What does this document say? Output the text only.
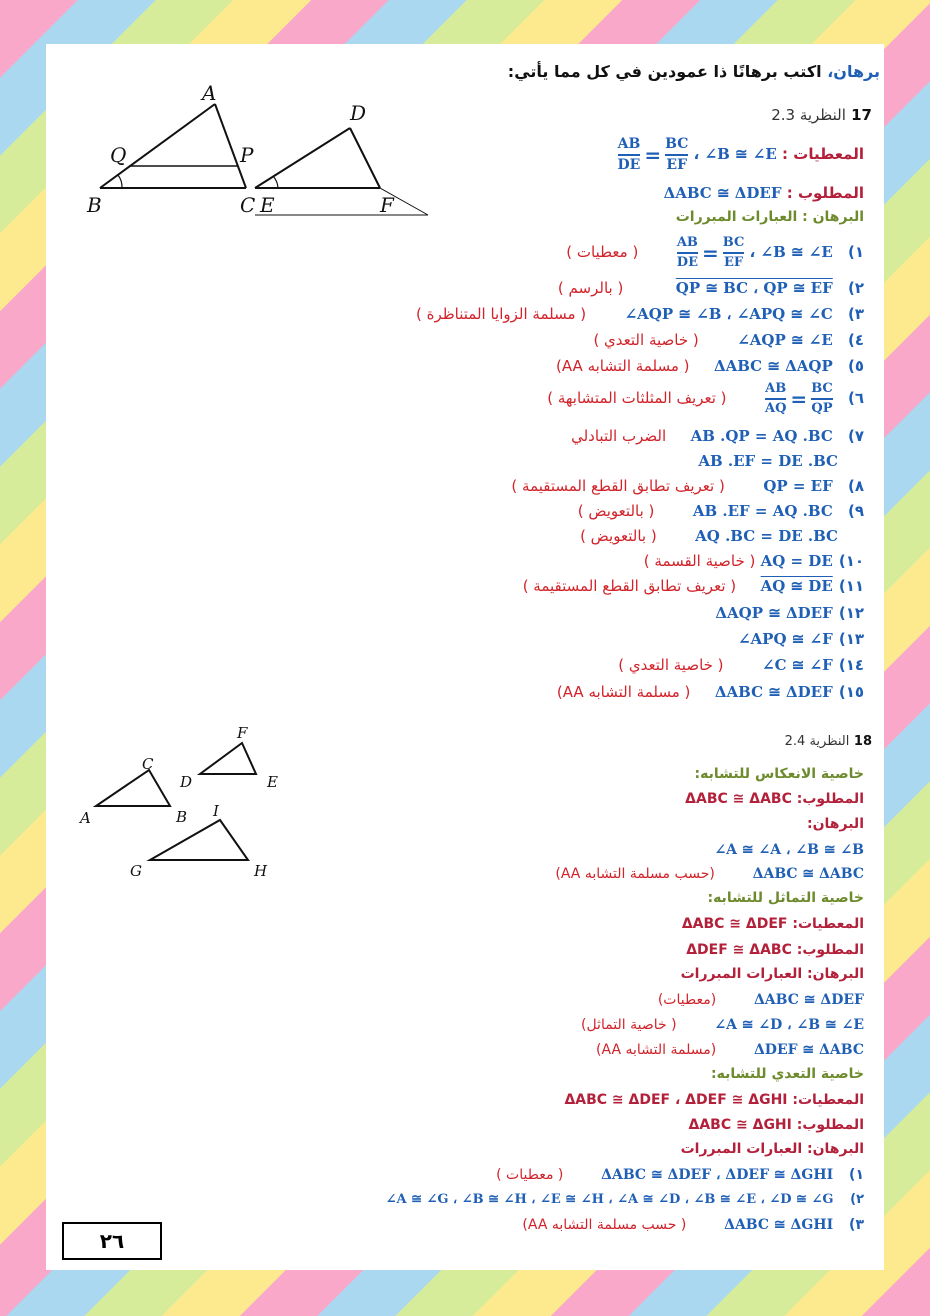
A
B	C
D
E	F
P
Q
C
A	B
F
D	E
I
G	H
برهان، اكتب برهانًا ذا عمودين في كل مما يأتي:
17 النظرية 2.3
المعطيات : ∠B ≅ ∠E ،
$\frac{AB}{DE} = \frac{BC}{EF}$
المطلوب : ΔABC ≅ ΔDEF
البرهان : العبارات المبررات
١) ∠B ≅ ∠E ،
$\frac{AB}{DE} = \frac{BC}{EF}$
( معطيات )
٢) QP ≅ BC ، QP ≅ EF  ( بالرسم )
٣) ∠AQP ≅ ∠B ، ∠APQ ≅ ∠C  ( مسلمة الزوايا المتناظرة )
٤) ∠AQP ≅ ∠E  ( خاصية التعدي )
٥) ΔABC ≅ ΔAQP  ( مسلمة التشابه AA)
٦)
$\frac{AB}{AQ} = \frac{BC}{QP}$
( تعريف المثلثات المتشابهة )
٧) AB .QP = AQ .BC  الضرب التبادلي
AB .EF = DE .BC
٨) QP = EF  ( تعريف تطابق القطع المستقيمة )
٩) AB .EF = AQ .BC  ( بالتعويض )
AQ .BC = DE .BC  ( بالتعويض )
١٠) AQ = DE ( خاصية القسمة )
١١) AQ ≅ DE  ( تعريف تطابق القطع المستقيمة )
١٢) ΔAQP ≅ ΔDEF
١٣) ∠APQ ≅ ∠F
١٤) ∠C ≅ ∠F  ( خاصية التعدي )
١٥) ΔABC ≅ ΔDEF  ( مسلمة التشابه AA)
18 النظرية 2.4
خاصية الانعكاس للتشابه:
المطلوب: ΔABC ≅ ΔABC
البرهان:
∠A ≅ ∠A ، ∠B ≅ ∠B
ΔABC ≅ ΔABC  (حسب مسلمة التشابه AA)
خاصية التماثل للتشابه:
المعطيات: ΔABC ≅ ΔDEF
المطلوب: ΔDEF ≅ ΔABC
البرهان: العبارات المبررات
ΔABC ≅ ΔDEF  (معطيات)
∠A ≅ ∠D ، ∠B ≅ ∠E  ( خاصية التماثل)
ΔDEF ≅ ΔABC  (مسلمة التشابه AA)
خاصية التعدي للتشابه:
المعطيات: ΔABC ≅ ΔDEF ، ΔDEF ≅ ΔGHI
المطلوب: ΔABC ≅ ΔGHI
البرهان: العبارات المبررات
١) ΔABC ≅ ΔDEF ، ΔDEF ≅ ΔGHI  ( معطيات )
٢) ∠A ≅ ∠G ، ∠B ≅ ∠H ، ∠E ≅ ∠H ، ∠A ≅ ∠D ، ∠B ≅ ∠E ، ∠D ≅ ∠G
٣) ΔABC ≅ ΔGHI  ( حسب مسلمة التشابه AA)
٢٦
